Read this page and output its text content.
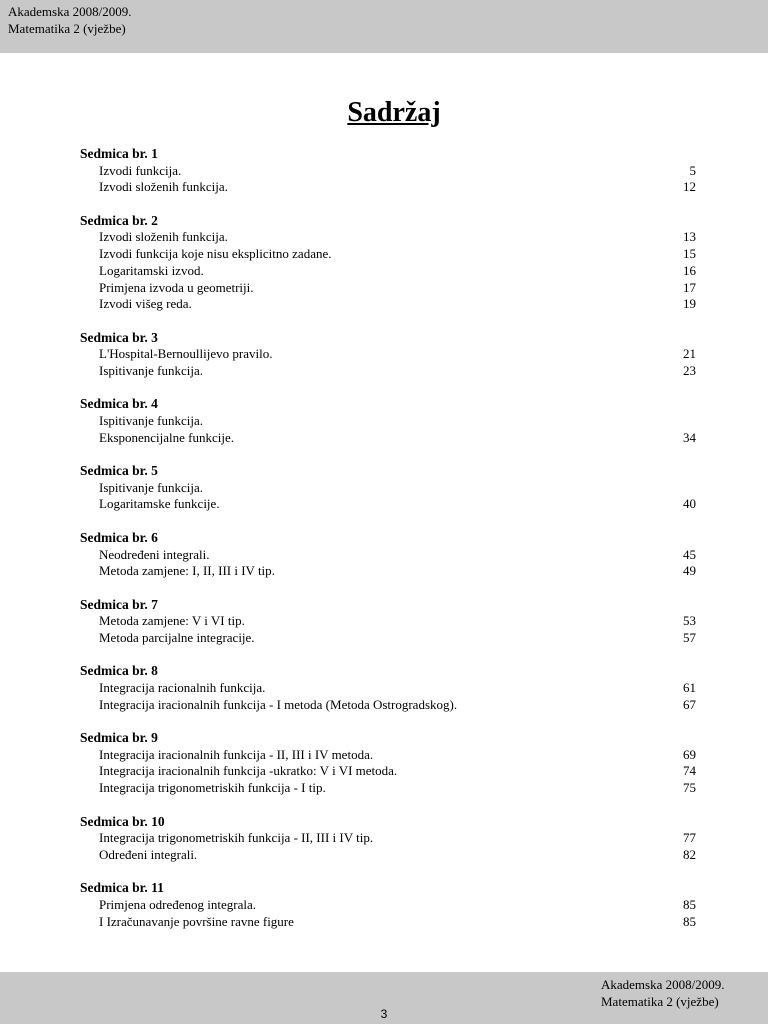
Akademska 2008/2009.
Matematika 2 (vježbe)
Sadržaj
Sedmica br. 1
Izvodi funkcija.	5
Izvodi složenih funkcija.	12
Sedmica br. 2
Izvodi složenih funkcija.	13
Izvodi funkcija koje nisu eksplicitno zadane.	15
Logaritamski izvod.	16
Primjena izvoda u geometriji.	17
Izvodi višeg reda.	19
Sedmica br. 3
L'Hospital-Bernoullijevo pravilo.	21
Ispitivanje funkcija.	23
Sedmica br. 4
Ispitivanje funkcija.
Eksponencijalne funkcije.	34
Sedmica br. 5
Ispitivanje funkcija.
Logaritamske funkcije.	40
Sedmica br. 6
Neodređeni integrali.	45
Metoda zamjene: I, II, III i IV tip.	49
Sedmica br. 7
Metoda zamjene: V i VI tip.	53
Metoda parcijalne integracije.	57
Sedmica br. 8
Integracija racionalnih funkcija.	61
Integracija iracionalnih funkcija - I metoda (Metoda Ostrogradskog).	67
Sedmica br. 9
Integracija iracionalnih funkcija - II, III i IV metoda.	69
Integracija iracionalnih funkcija -ukratko: V i VI metoda.	74
Integracija trigonometriskih funkcija - I tip.	75
Sedmica br. 10
Integracija trigonometriskih funkcija - II, III i IV tip.	77
Određeni integrali.	82
Sedmica br. 11
Primjena određenog integrala.	85
I Izračunavanje površine ravne figure	85
Akademska 2008/2009.
Matematika 2 (vježbe)
3
